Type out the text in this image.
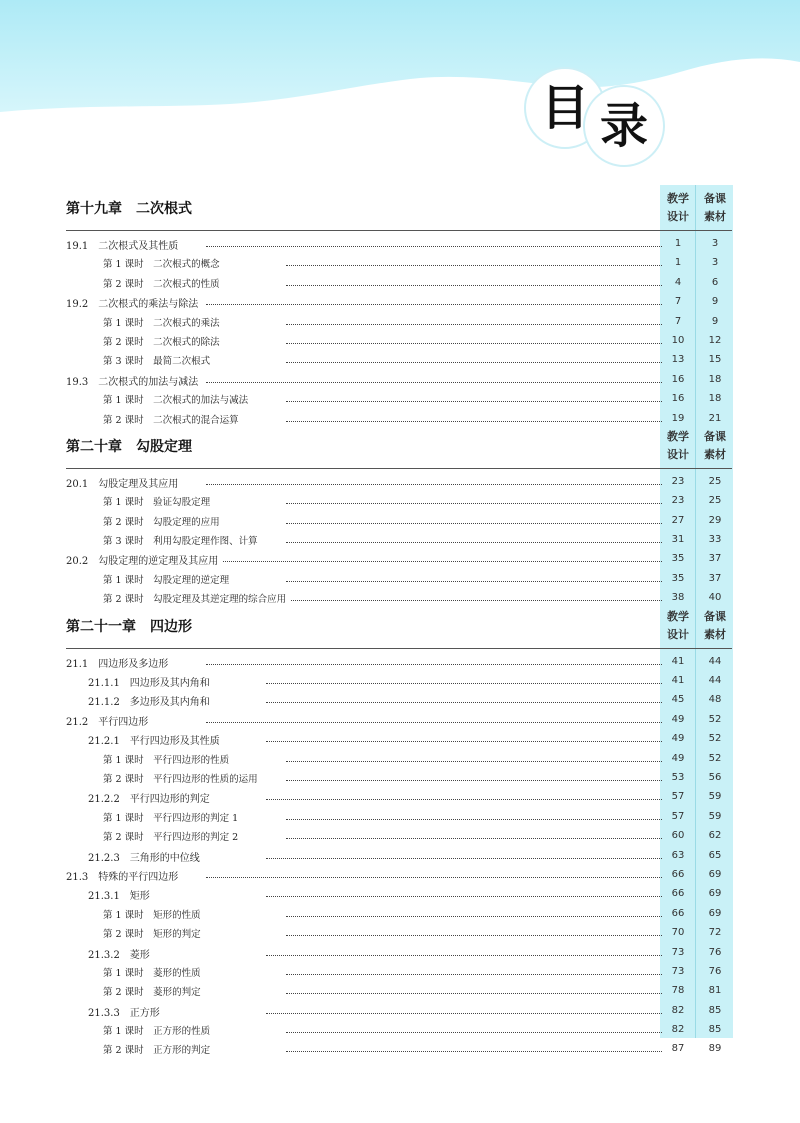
目 录
第十九章　二次根式
教学
设计
备课
素材
19.1　二次根式及其性质	1	3
第 1 课时　二次根式的概念	1	3
第 2 课时　二次根式的性质	4	6
19.2　二次根式的乘法与除法	7	9
第 1 课时　二次根式的乘法	7	9
第 2 课时　二次根式的除法	10	12
第 3 课时　最简二次根式	13	15
19.3　二次根式的加法与减法	16	18
第 1 课时　二次根式的加法与减法	16	18
第 2 课时　二次根式的混合运算	19	21
第二十章　勾股定理
教学
设计
备课
素材
20.1　勾股定理及其应用	23	25
第 1 课时　验证勾股定理	23	25
第 2 课时　勾股定理的应用	27	29
第 3 课时　利用勾股定理作图、计算	31	33
20.2　勾股定理的逆定理及其应用	35	37
第 1 课时　勾股定理的逆定理	35	37
第 2 课时　勾股定理及其逆定理的综合应用	38	40
第二十一章　四边形
教学
设计
备课
素材
21.1　四边形及多边形	41	44
21.1.1　四边形及其内角和	41	44
21.1.2　多边形及其内角和	45	48
21.2　平行四边形	49	52
21.2.1　平行四边形及其性质	49	52
第 1 课时　平行四边形的性质	49	52
第 2 课时　平行四边形的性质的运用	53	56
21.2.2　平行四边形的判定	57	59
第 1 课时　平行四边形的判定 1	57	59
第 2 课时　平行四边形的判定 2	60	62
21.2.3　三角形的中位线	63	65
21.3　特殊的平行四边形	66	69
21.3.1　矩形	66	69
第 1 课时　矩形的性质	66	69
第 2 课时　矩形的判定	70	72
21.3.2　菱形	73	76
第 1 课时　菱形的性质	73	76
第 2 课时　菱形的判定	78	81
21.3.3　正方形	82	85
第 1 课时　正方形的性质	82	85
第 2 课时　正方形的判定	87	89
